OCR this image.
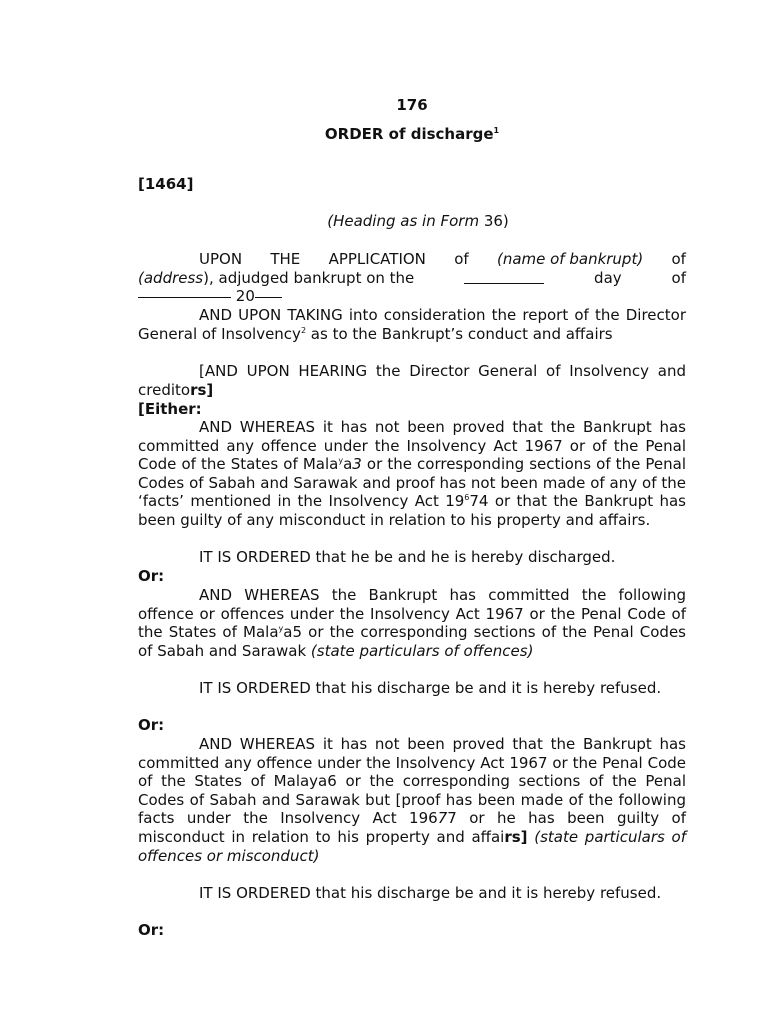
176
ORDER of discharge$^1$
[1464]
(Heading as in Form 36)
UPON THE APPLICATION of (name of bankrupt) of
(address), adjudged bankrupt on the	day	of
20
AND UPON TAKING into consideration the report of the Director General of Insolvency$^2$ as to the Bankrupt’s conduct and affairs
[AND UPON HEARING the Director General of Insolvency and creditors]
[Either:
AND WHEREAS it has not been proved that the Bankrupt has committed any offence under the Insolvency Act 1967 or of the Penal Code of the States of Mala$^y$a3 or the corresponding sections of the Penal Codes of Sabah and Sarawak and proof has not been made of any of the ‘facts’ mentioned in the Insolvency Act $19^674$ or that the Bankrupt has been guilty of any misconduct in relation to his property and affairs.
IT IS ORDERED that he be and he is hereby discharged.
Or:
AND WHEREAS the Bankrupt has committed the following offence or offences under the Insolvency Act 1967 or the Penal Code of the States of Mala$^y$a5 or the corresponding sections of the Penal Codes of Sabah and Sarawak (state particulars of offences)
IT IS ORDERED that his discharge be and it is hereby refused.
Or:
AND WHEREAS it has not been proved that the Bankrupt has committed any offence under the Insolvency Act 1967 or the Penal Code of the States of Malaya6 or the corresponding sections of the Penal Codes of Sabah and Sarawak but [proof has been made of the following facts under the Insolvency Act 19677 or he has been guilty of misconduct in relation to his property and affairs] (state particulars of offences or misconduct)
IT IS ORDERED that his discharge be and it is hereby refused.
Or:
